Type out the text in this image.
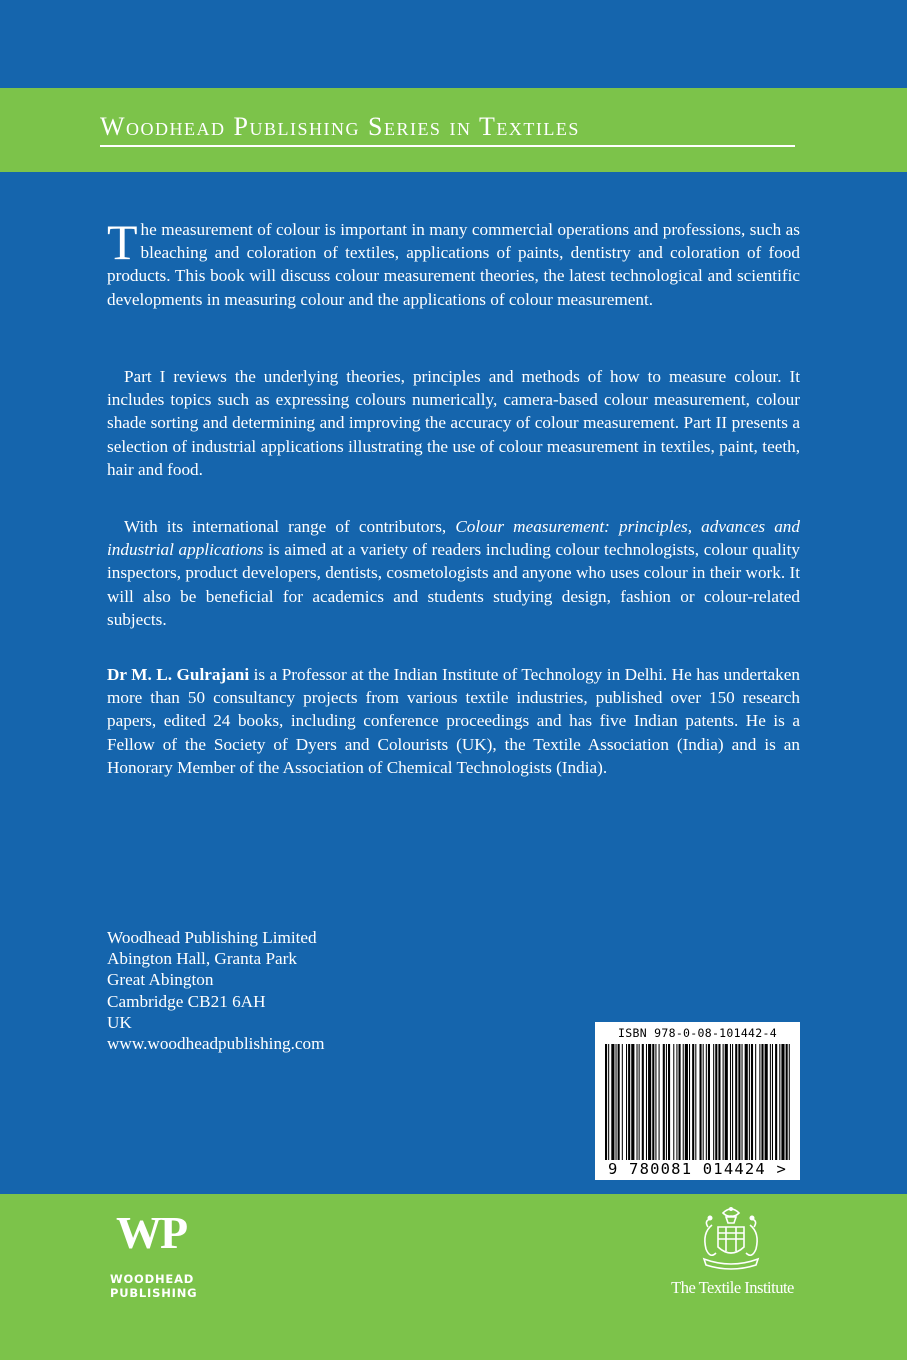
Woodhead Publishing Series in Textiles
The measurement of colour is important in many commercial operations and professions, such as bleaching and coloration of textiles, applications of paints, dentistry and coloration of food products. This book will discuss colour measurement theories, the latest technological and scientific developments in measuring colour and the applications of colour measurement.
Part I reviews the underlying theories, principles and methods of how to measure colour. It includes topics such as expressing colours numerically, camera-based colour measurement, colour shade sorting and determining and improving the accuracy of colour measurement. Part II presents a selection of industrial applications illustrating the use of colour measurement in textiles, paint, teeth, hair and food.
With its international range of contributors, Colour measurement: principles, advances and industrial applications is aimed at a variety of readers including colour technologists, colour quality inspectors, product developers, dentists, cosmetologists and anyone who uses colour in their work. It will also be beneficial for academics and students studying design, fashion or colour-related subjects.
Dr M. L. Gulrajani is a Professor at the Indian Institute of Technology in Delhi. He has undertaken more than 50 consultancy projects from various textile industries, published over 150 research papers, edited 24 books, including conference proceedings and has five Indian patents. He is a Fellow of the Society of Dyers and Colourists (UK), the Textile Association (India) and is an Honorary Member of the Association of Chemical Technologists (India).
Woodhead Publishing Limited
Abington Hall, Granta Park
Great Abington
Cambridge CB21 6AH
UK
www.woodheadpublishing.com
ISBN 978-0-08-101442-4
9 780081 014424 >
WP
WOODHEAD
PUBLISHING	The Textile Institute
